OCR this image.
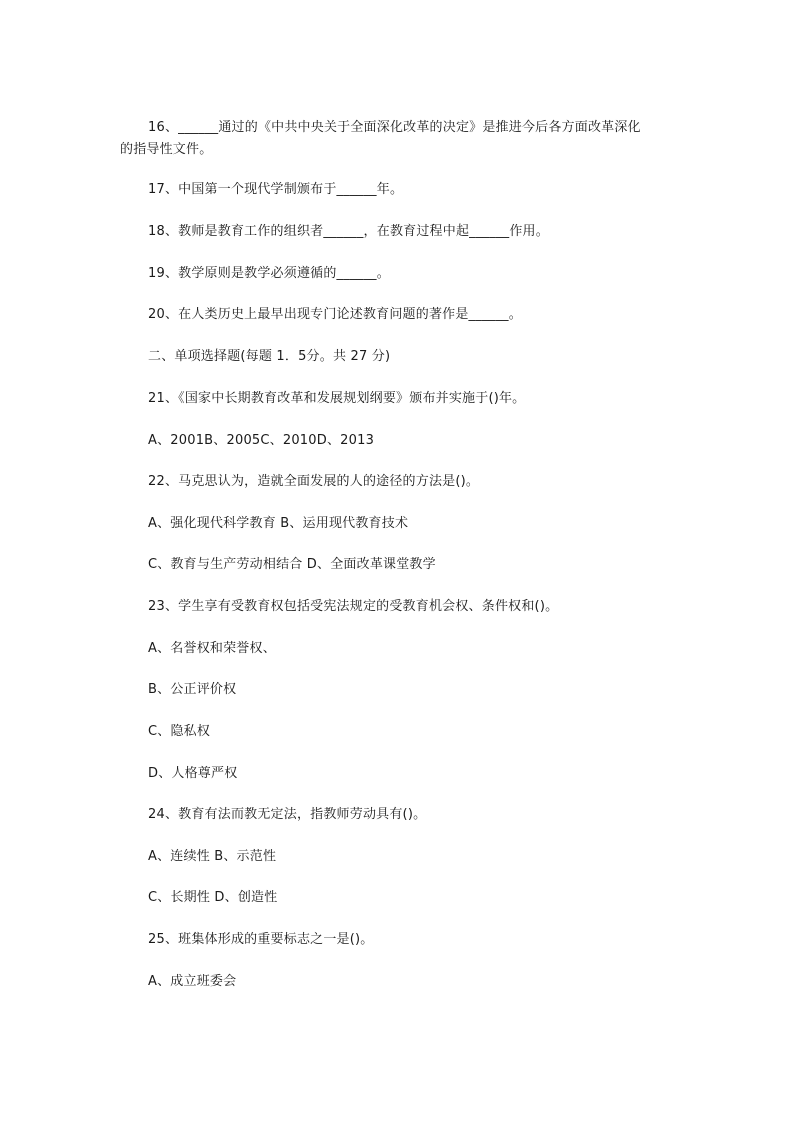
16、______通过的《中共中央关于全面深化改革的决定》是推进今后各方面改革深化
的指导性文件。
17、中国第一个现代学制颁布于______年。
18、教师是教育工作的组织者______，在教育过程中起______作用。
19、教学原则是教学必须遵循的______。
20、在人类历史上最早出现专门论述教育问题的著作是______。
二、单项选择题(每题 1．5分。共 27 分)
21、《国家中长期教育改革和发展规划纲要》颁布并实施于()年。
A、2001B、2005C、2010D、2013
22、马克思认为，造就全面发展的人的途径的方法是()。
A、强化现代科学教育 B、运用现代教育技术
C、教育与生产劳动相结合 D、全面改革课堂教学
23、学生享有受教育权包括受宪法规定的受教育机会权、条件权和()。
A、名誉权和荣誉权、
B、公正评价权
C、隐私权
D、人格尊严权
24、教育有法而教无定法，指教师劳动具有()。
A、连续性 B、示范性
C、长期性 D、创造性
25、班集体形成的重要标志之一是()。
A、成立班委会
